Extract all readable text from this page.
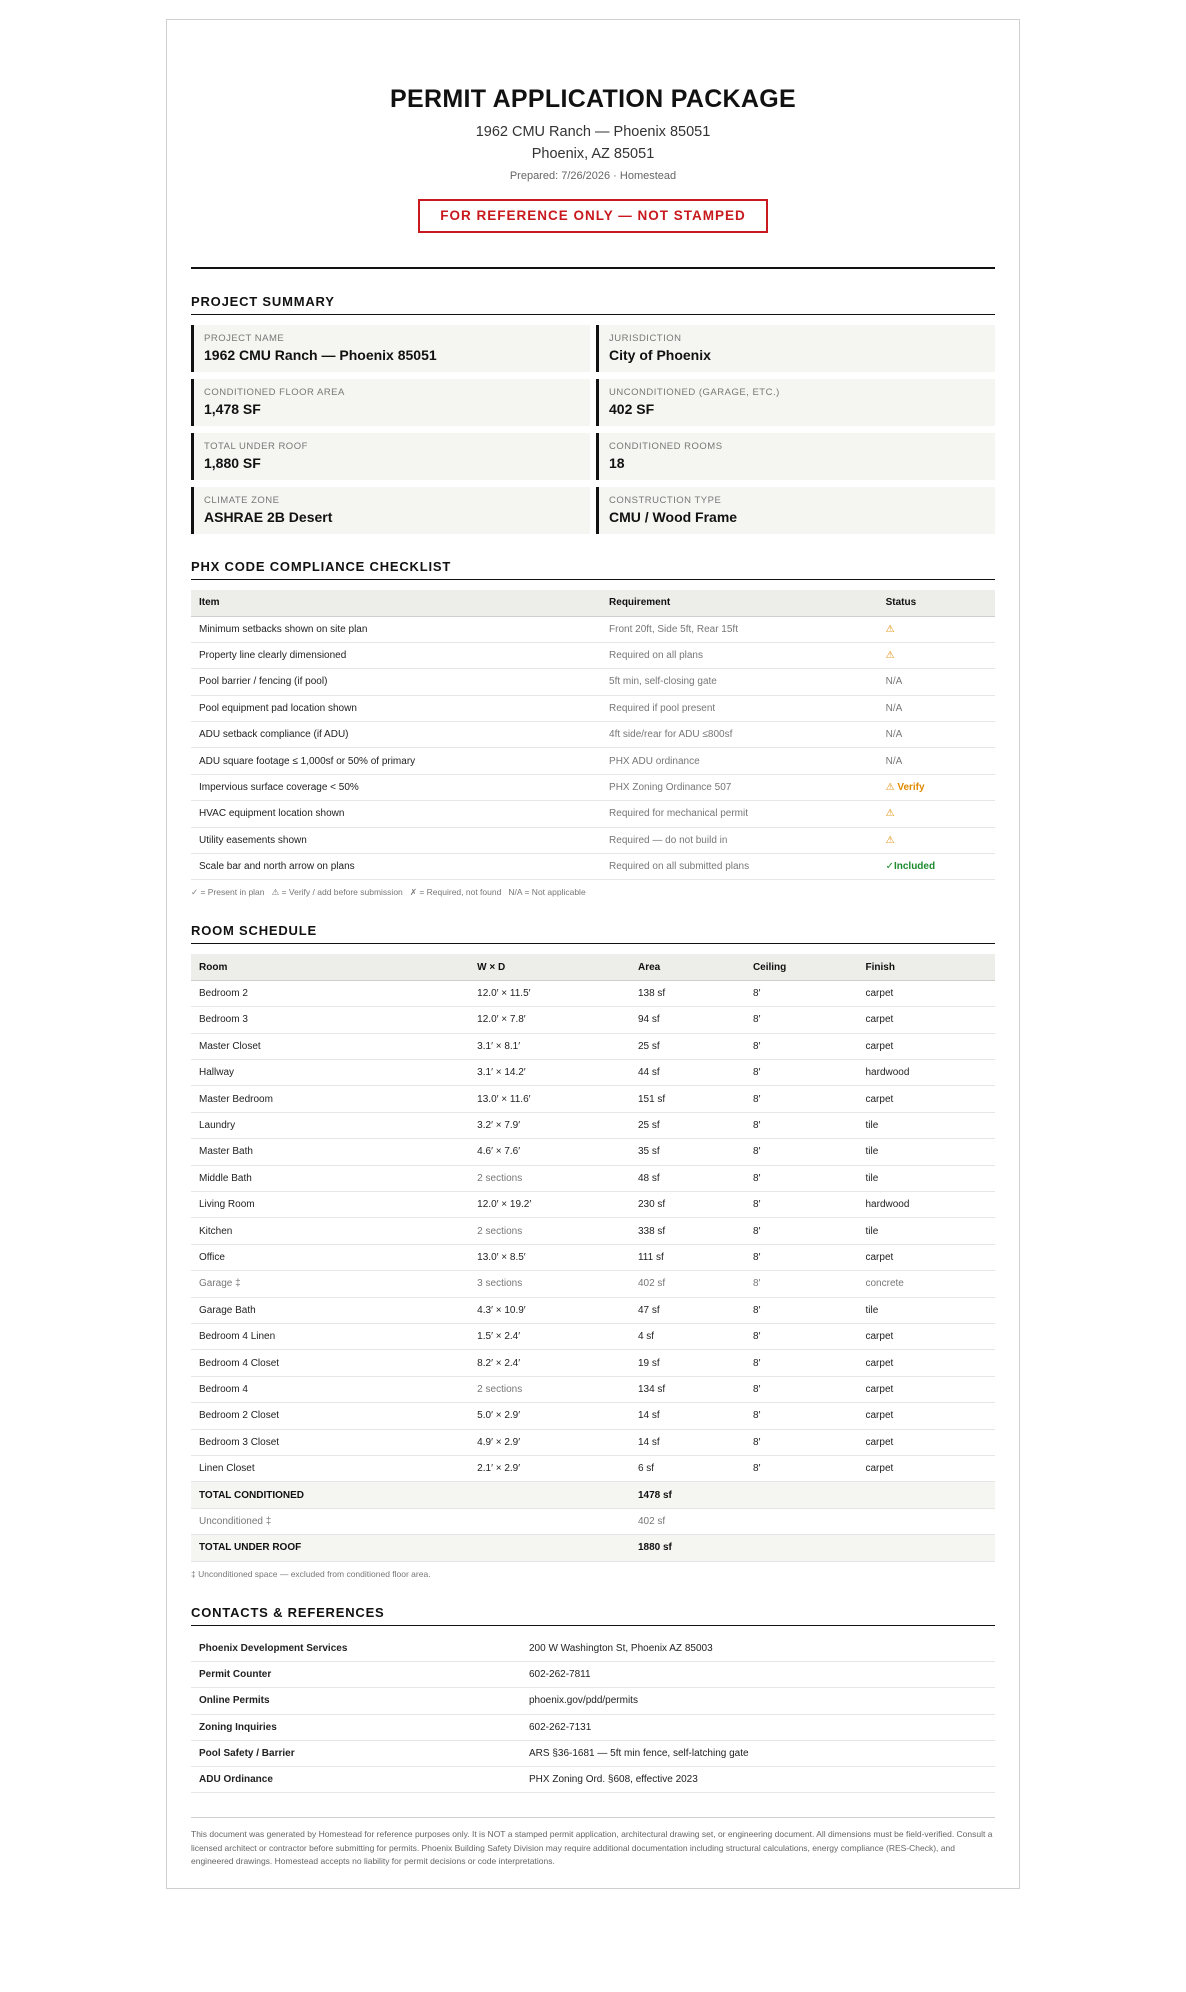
PERMIT APPLICATION PACKAGE
1962 CMU Ranch — Phoenix 85051
Phoenix, AZ 85051
Prepared: 7/26/2026 · Homestead
FOR REFERENCE ONLY — NOT STAMPED
PROJECT SUMMARY
PROJECT NAME
1962 CMU Ranch — Phoenix 85051
JURISDICTION
City of Phoenix
CONDITIONED FLOOR AREA
1,478 SF
UNCONDITIONED (GARAGE, ETC.)
402 SF
TOTAL UNDER ROOF
1,880 SF
CONDITIONED ROOMS
18
CLIMATE ZONE
ASHRAE 2B Desert
CONSTRUCTION TYPE
CMU / Wood Frame
PHX CODE COMPLIANCE CHECKLIST
Item	Requirement	Status
Minimum setbacks shown on site plan	Front 20ft, Side 5ft, Rear 15ft	⚠
Property line clearly dimensioned	Required on all plans	⚠
Pool barrier / fencing (if pool)	5ft min, self-closing gate	N/A
Pool equipment pad location shown	Required if pool present	N/A
ADU setback compliance (if ADU)	4ft side/rear for ADU ≤800sf	N/A
ADU square footage ≤ 1,000sf or 50% of primary	PHX ADU ordinance	N/A
Impervious surface coverage < 50%	PHX Zoning Ordinance 507	⚠ Verify
HVAC equipment location shown	Required for mechanical permit	⚠
Utility easements shown	Required — do not build in	⚠
Scale bar and north arrow on plans	Required on all submitted plans	✓Included
✓ = Present in plan   ⚠ = Verify / add before submission   ✗ = Required, not found   N/A = Not applicable
ROOM SCHEDULE
Room	W × D	Area	Ceiling	Finish
Bedroom 2	12.0′ × 11.5′	138 sf	8′	carpet
Bedroom 3	12.0′ × 7.8′	94 sf	8′	carpet
Master Closet	3.1′ × 8.1′	25 sf	8′	carpet
Hallway	3.1′ × 14.2′	44 sf	8′	hardwood
Master Bedroom	13.0′ × 11.6′	151 sf	8′	carpet
Laundry	3.2′ × 7.9′	25 sf	8′	tile
Master Bath	4.6′ × 7.6′	35 sf	8′	tile
Middle Bath	2 sections	48 sf	8′	tile
Living Room	12.0′ × 19.2′	230 sf	8′	hardwood
Kitchen	2 sections	338 sf	8′	tile
Office	13.0′ × 8.5′	111 sf	8′	carpet
Garage ‡	3 sections	402 sf	8′	concrete
Garage Bath	4.3′ × 10.9′	47 sf	8′	tile
Bedroom 4 Linen	1.5′ × 2.4′	4 sf	8′	carpet
Bedroom 4 Closet	8.2′ × 2.4′	19 sf	8′	carpet
Bedroom 4	2 sections	134 sf	8′	carpet
Bedroom 2 Closet	5.0′ × 2.9′	14 sf	8′	carpet
Bedroom 3 Closet	4.9′ × 2.9′	14 sf	8′	carpet
Linen Closet	2.1′ × 2.9′	6 sf	8′	carpet
TOTAL CONDITIONED		1478 sf		
Unconditioned ‡		402 sf		
TOTAL UNDER ROOF		1880 sf		
‡ Unconditioned space — excluded from conditioned floor area.
CONTACTS & REFERENCES
Phoenix Development Services	200 W Washington St, Phoenix AZ 85003
Permit Counter	602-262-7811
Online Permits	phoenix.gov/pdd/permits
Zoning Inquiries	602-262-7131
Pool Safety / Barrier	ARS §36-1681 — 5ft min fence, self-latching gate
ADU Ordinance	PHX Zoning Ord. §608, effective 2023
This document was generated by Homestead for reference purposes only. It is NOT a stamped permit application, architectural drawing set, or engineering document. All dimensions must be field-verified. Consult a licensed architect or contractor before submitting for permits. Phoenix Building Safety Division may require additional documentation including structural calculations, energy compliance (RES-Check), and engineered drawings. Homestead accepts no liability for permit decisions or code interpretations.
